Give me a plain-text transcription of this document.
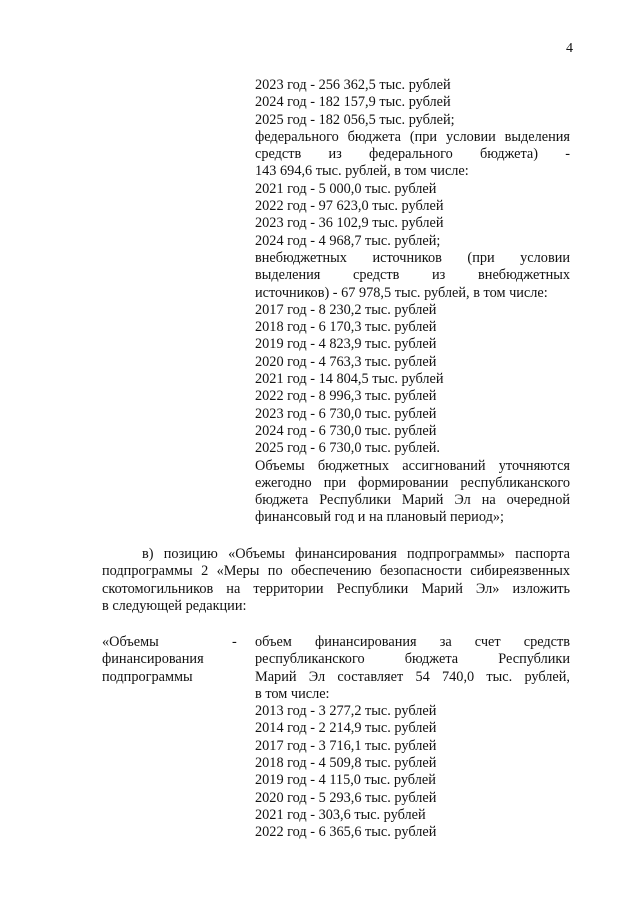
4
2023 год - 256 362,5 тыс. рублей
2024 год - 182 157,9 тыс. рублей
2025 год - 182 056,5 тыс. рублей;
федерального бюджета (при условии выделения
средств из федерального бюджета) -
143 694,6 тыс. рублей, в том числе:
2021 год - 5 000,0 тыс. рублей
2022 год - 97 623,0 тыс. рублей
2023 год - 36 102,9 тыс. рублей
2024 год - 4 968,7 тыс. рублей;
внебюджетных источников (при условии
выделения средств из внебюджетных
источников) - 67 978,5 тыс. рублей, в том числе:
2017 год - 8 230,2 тыс. рублей
2018 год - 6 170,3 тыс. рублей
2019 год - 4 823,9 тыс. рублей
2020 год - 4 763,3 тыс. рублей
2021 год - 14 804,5 тыс. рублей
2022 год - 8 996,3 тыс. рублей
2023 год - 6 730,0 тыс. рублей
2024 год - 6 730,0 тыс. рублей
2025 год - 6 730,0 тыс. рублей.
Объемы бюджетных ассигнований уточняются
ежегодно при формировании республиканского
бюджета Республики Марий Эл на очередной
финансовый год и на плановый период»;
в) позицию «Объемы финансирования подпрограммы» паспорта
подпрограммы 2 «Меры по обеспечению безопасности сибиреязвенных
скотомогильников на территории Республики Марий Эл» изложить
в следующей редакции:
«Объемы
финансирования
подпрограммы
- объем финансирования за счет средств
республиканского бюджета Республики
Марий Эл составляет 54 740,0 тыс. рублей,
в том числе:
2013 год - 3 277,2 тыс. рублей
2014 год - 2 214,9 тыс. рублей
2017 год - 3 716,1 тыс. рублей
2018 год - 4 509,8 тыс. рублей
2019 год - 4 115,0 тыс. рублей
2020 год - 5 293,6 тыс. рублей
2021 год - 303,6 тыс. рублей
2022 год - 6 365,6 тыс. рублей
